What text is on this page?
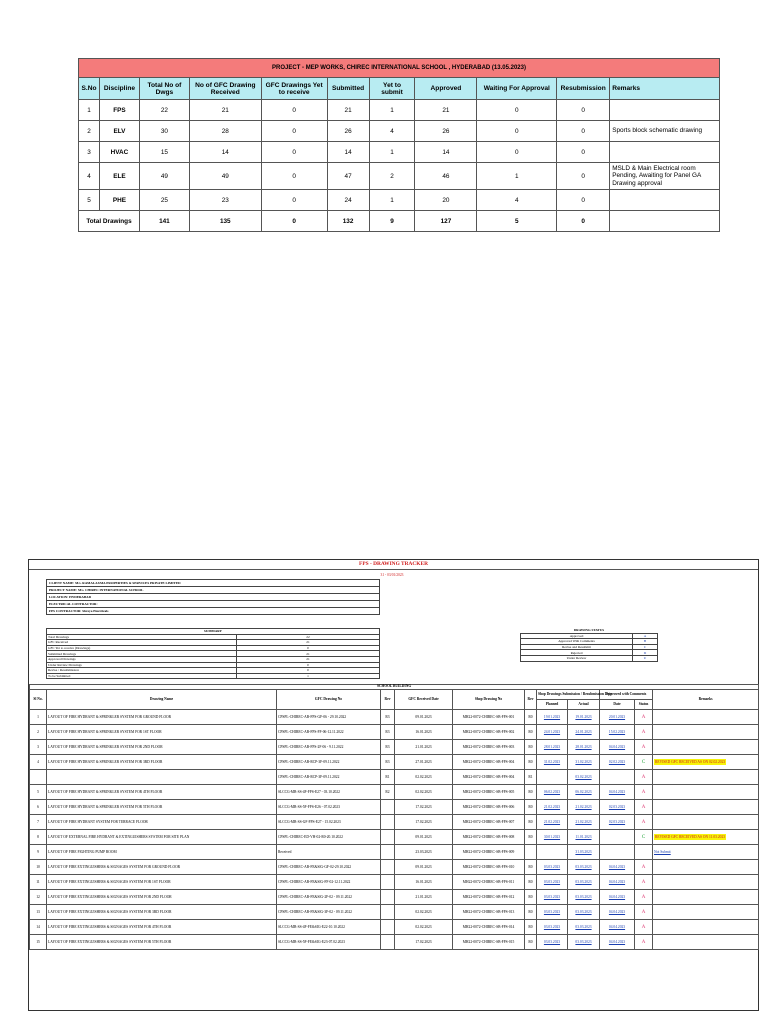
PROJECT - MEP WORKS, CHIREC INTERNATIONAL SCHOOL , HYDERABAD (13.05.2023)										
S.No	Discipline	Total No of Dwgs	No of GFC Drawing Received	GFC Drawings Yet to receive	Submitted	Yet to submit	Approved	Waiting For Approval	Resubmission	Remarks
1	FPS	22	21	0	21	1	21	0	0	
2	ELV	30	28	0	26	4	26	0	0	Sports block schematic drawing
3	HVAC	15	14	0	14	1	14	0	0	
4	ELE	49	49	0	47	2	46	1	0	MSLD & Main Electrical room Pending, Awaiting for Panel GA Drawing approval
5	PHE	25	23	0	24	1	20	4	0	
Total Drawings		141	135	0	132	9	127	5	0	
FPS - DRAWING TRACKER
31 - 03/01/2023
CLIENT NAME: M/s. RAMALAXMA PROPERTIES & SERVICES PRIVATE LIMITED
PROJECT NAME: M/s. CHIREC INTERNATIONAL SCHOOL
LOCATION: HYDERABAD
ELECTRICAL CONTRACTOR:
FPS CONTRACTOR: Shreya Electricals
SUMMARY	
Total Drawings	22
GFC Received	21
GFC Yet to receive (Drawings)	0
Submitted Drawings	21
Approved Drawings	21
Under Review Drawings	0
Revise / Resubmission	0
To be Submitted	1
DRAWING STATUS	
Approved	A
Approved With Comments	B
Revise and Resubmit	C
Rejected	D
Under Review	U
SCHOOL BUILDING											
Sl No.	Drawing Name	GFC Drawing No	Rev	GFC Received Date	Shop Drawing No	Rev	Shop Drawings Submission / Resubmission Date		Approved with Comments		Remarks
							Planned	Actual	Date	Status	
1	LAYOUT OF FIRE HYDRANT & SPRINKLER SYSTEM FOR GROUND FLOOR	CPSPL-CHIREC-AB-FPS-GF-06 - 29.10.2022	R3	09.01.2023	MH22-0072-CHIREC-SB-FPS-001	R0	19.01.2023	19.01.2023	20.01.2023	A	
2	LAYOUT OF FIRE HYDRANT & SPRINKLER SYSTEM FOR 1ST FLOOR	CPSPL-CHIREC-AB-FPS-FF-06-12.11.2022	R3	16.01.2023	MH22-0072-CHIREC-SB-FPS-002	R0	24.01.2023	24.01.2023	15.02.2023	A	
3	LAYOUT OF FIRE HYDRANT & SPRINKLER SYSTEM FOR 2ND FLOOR	CPSPL-CHIREC-AB-FPS-2F-06 - 9.11.2022	R3	21.01.2023	MH22-0072-CHIREC-SB-FPS-003	R0	28.01.2023	28.01.2023	04.04.2023	A	
4	LAYOUT OF FIRE HYDRANT & SPRINKLER SYSTEM FOR 3RD FLOOR	CPSPL-CHIREC-AB-RCP-3F-09.11.2022	R3	27.01.2023	MH22-0072-CHIREC-SB-FPS-004	R0	31.02.2023	31.02.2023	02.02.2023	C	REVISED GFC RECEIVED AS ON 02.02.2023
		CPSPL-CHIREC-AB-RCP-3F-09.11.2022	R1	02.02.2023	MH22-0072-CHIREC-SB-FPS-004	R1		03.02.2023		A	
5	LAYOUT OF FIRE HYDRANT & SPRINKLER SYSTEM FOR 4TH FLOOR	SLCCG-MB-SS-4F-FPS-E27 - 03.10.2022	R2	02.02.2023	MH22-0072-CHIREC-SB-FPS-005	R0	06.02.2023	06.02.2023	04.04.2023	A	
6	LAYOUT OF FIRE HYDRANT & SPRINKLER SYSTEM FOR 5TH FLOOR	SLCCG-MB-SS-5F-FPS-E26 - 07.02.2023		17.02.2023	MH22-0072-CHIREC-SB-FPS-006	R0	21.02.2023	21.02.2023	02.03.2023	A	
7	LAYOUT OF FIRE HYDRANT SYSTEM FOR TERRACE FLOOR	SLCCG-MB-SS-GF-FPS-E27 - 15.02.2023		17.02.2023	MH22-0072-CHIREC-SB-FPS-007	R0	21.02.2023	21.02.2023	02.03.2023	A	
8	LAYOUT OF EXTERNAL FIRE HYDRANT & EXTINGUISHERS SYSTEM FOR SITE PLAN	CPSPL-CHIREC-ED-VH-02-R0-20.10.2022		09.01.2023	MH22-0072-CHIREC-SB-FPS-008	R0	30.01.2023	11.01.2023		C	REVISED GFC RECEIVED AS ON 11.03.2023
9	LAYOUT OF FIRE FIGHTING PUMP ROOM	Received		23.03.2023	MH22-0072-CHIREC-SB-FPS-009			31.03.2023			Not Submit
10	LAYOUT OF FIRE EXTINGUISHERS & SIGNAGES SYSTEM FOR GROUND FLOOR	CPSPL-CHIREC-AB-FE&SIG-GF-02-29.10.2022		09.01.2023	MH22-0072-CHIREC-SB-FPS-010	R0	03.03.2023	03.03.2023	04.04.2023	A	
11	LAYOUT OF FIRE EXTINGUISHERS & SIGNAGES SYSTEM FOR 1ST FLOOR	CPSPL-CHIREC-AB-FE&SIG-FF-02-12.11.2022		16.01.2023	MH22-0072-CHIREC-SB-FPS-011	R0	03.03.2023	03.03.2023	04.04.2023	A	
12	LAYOUT OF FIRE EXTINGUISHERS & SIGNAGES SYSTEM FOR 2ND FLOOR	CPSPL-CHIREC-AB-FE&SIG-2F-02 - 09.11.2022		21.01.2023	MH22-0072-CHIREC-SB-FPS-012	R0	03.03.2023	03.03.2023	04.04.2023	A	
13	LAYOUT OF FIRE EXTINGUISHERS & SIGNAGES SYSTEM FOR 3RD FLOOR	CPSPL-CHIREC-AB-FE&SIG-3F-02 - 09.11.2022		02.02.2023	MH22-0072-CHIREC-SB-FPS-013	R0	03.03.2023	03.03.2023	04.04.2023	A	
14	LAYOUT OF FIRE EXTINGUISHERS & SIGNAGES SYSTEM FOR 4TH FLOOR	SLCCG-MB-SS-4F-FE&SIG-E22-10.10.2022		02.02.2023	MH22-0072-CHIREC-SB-FPS-014	R0	03.03.2023	03.03.2023	04.04.2023	A	
15	LAYOUT OF FIRE EXTINGUISHERS & SIGNAGES SYSTEM FOR 5TH FLOOR	SLCCG-MB-SS-5F-FE&SIG-E23-07.02.2023		17.02.2023	MH22-0072-CHIREC-SB-FPS-015	R0	03.03.2023	03.03.2023	04.04.2023	A	
